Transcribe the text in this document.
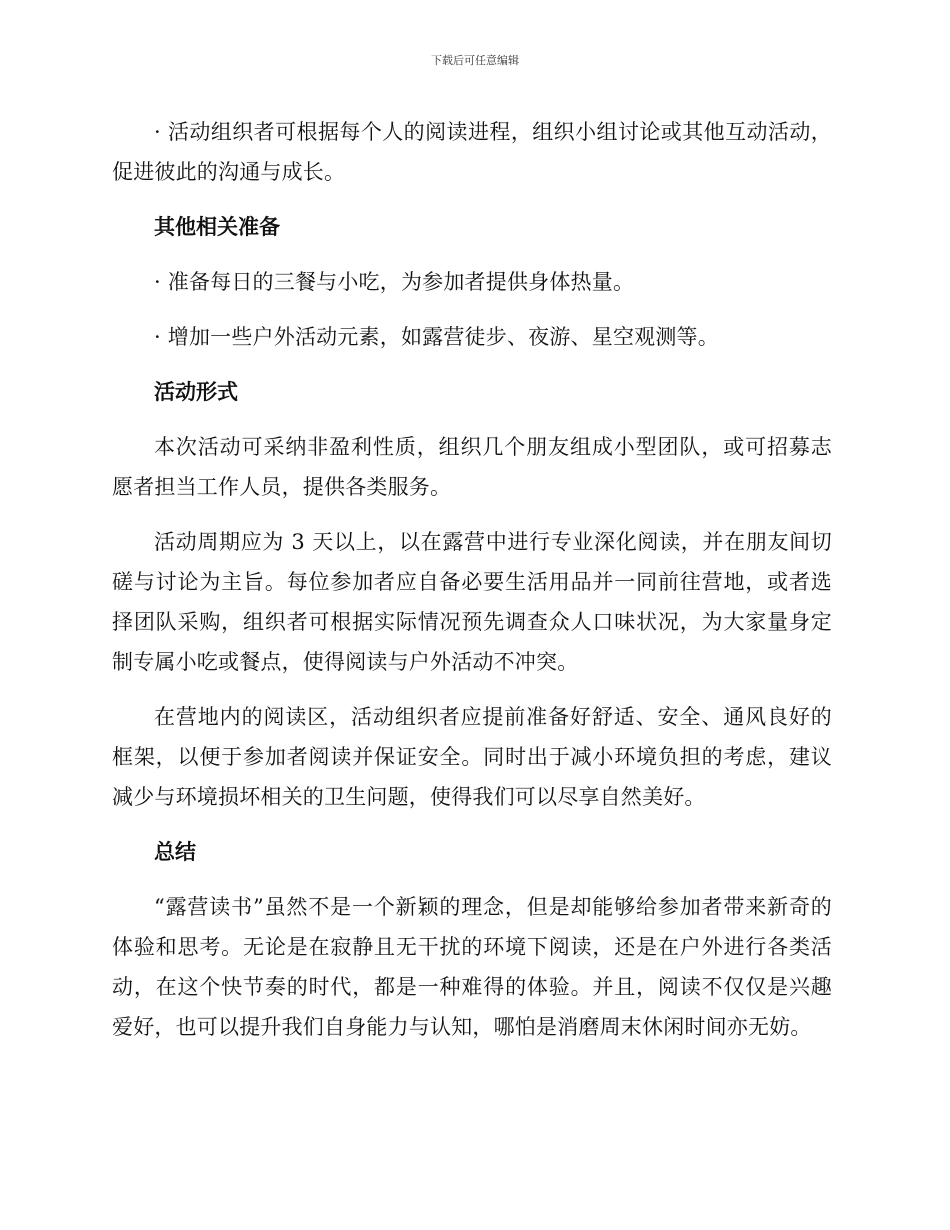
下载后可任意编辑

· 活动组织者可根据每个人的阅读进程，组织小组讨论或其他互动活动，促进彼此的沟通与成长。

其他相关准备

· 准备每日的三餐与小吃，为参加者提供身体热量。

· 增加一些户外活动元素，如露营徒步、夜游、星空观测等。

活动形式

本次活动可采纳非盈利性质，组织几个朋友组成小型团队，或可招募志愿者担当工作人员，提供各类服务。

活动周期应为 3 天以上，以在露营中进行专业深化阅读，并在朋友间切磋与讨论为主旨。每位参加者应自备必要生活用品并一同前往营地，或者选择团队采购，组织者可根据实际情况预先调查众人口味状况，为大家量身定制专属小吃或餐点，使得阅读与户外活动不冲突。

在营地内的阅读区，活动组织者应提前准备好舒适、安全、通风良好的框架，以便于参加者阅读并保证安全。同时出于减小环境负担的考虑，建议减少与环境损坏相关的卫生问题，使得我们可以尽享自然美好。

总结

“露营读书”虽然不是一个新颖的理念，但是却能够给参加者带来新奇的体验和思考。无论是在寂静且无干扰的环境下阅读，还是在户外进行各类活动，在这个快节奏的时代，都是一种难得的体验。并且，阅读不仅仅是兴趣爱好，也可以提升我们自身能力与认知，哪怕是消磨周末休闲时间亦无妨。
